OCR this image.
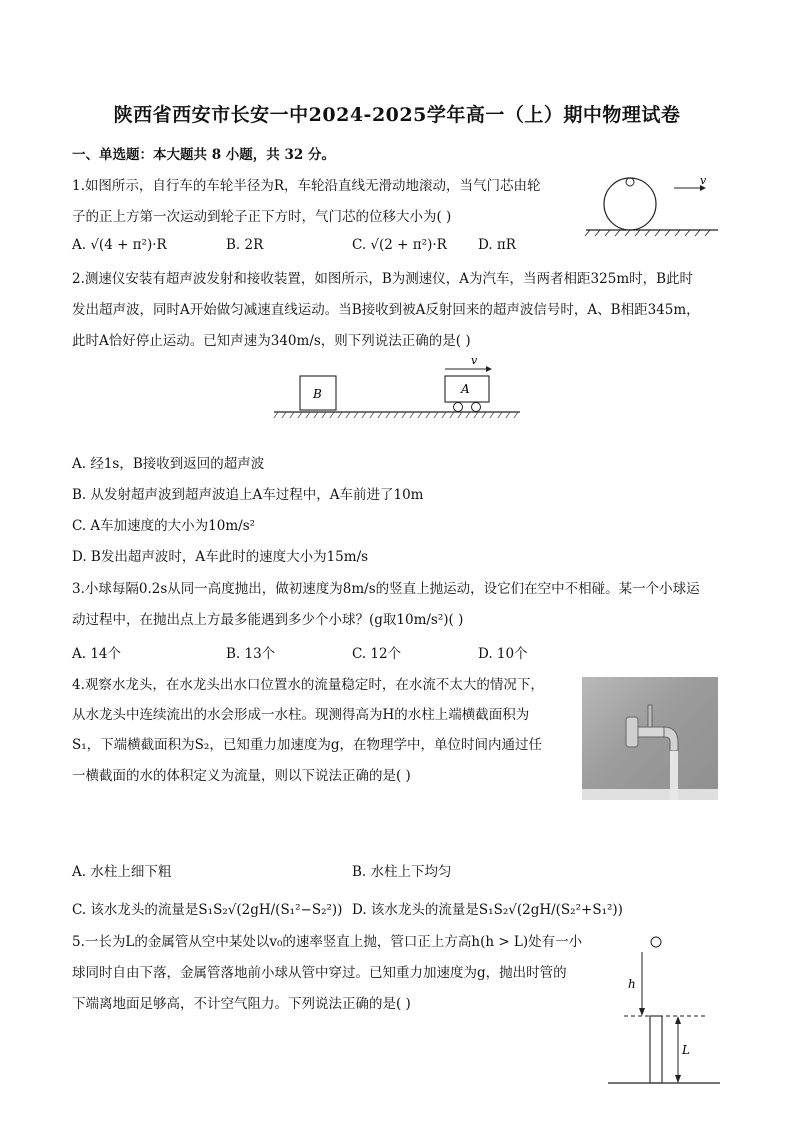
陕西省西安市长安一中2024-2025学年高一（上）期中物理试卷
一、单选题：本大题共 8 小题，共 32 分。
1.如图所示，自行车的车轮半径为R，车轮沿直线无滑动地滚动，当气门芯由轮
子的正上方第一次运动到轮子正下方时，气门芯的位移大小为( )
A. √(4 + π²)·R	B. 2R	C. √(2 + π²)·R D. πR
v
2.测速仪安装有超声波发射和接收装置，如图所示，B为测速仪，A为汽车，当两者相距325m时，B此时
发出超声波，同时A开始做匀减速直线运动。当B接收到被A反射回来的超声波信号时，A、B相距345m，
此时A恰好停止运动。已知声速为340m/s，则下列说法正确的是( )
B	A
v
A. 经1s，B接收到返回的超声波
B. 从发射超声波到超声波追上A车过程中，A车前进了10m
C. A车加速度的大小为10m/s²
D. B发出超声波时，A车此时的速度大小为15m/s
3.小球每隔0.2s从同一高度抛出，做初速度为8m/s的竖直上抛运动，设它们在空中不相碰。某一个小球运
动过程中，在抛出点上方最多能遇到多少个小球？(g取10m/s²)( )
A. 14个	B. 13个	C. 12个	D. 10个
4.观察水龙头，在水龙头出水口位置水的流量稳定时，在水流不太大的情况下，
从水龙头中连续流出的水会形成一水柱。现测得高为H的水柱上端横截面积为
S₁，下端横截面积为S₂，已知重力加速度为g，在物理学中，单位时间内通过任
一横截面的水的体积定义为流量，则以下说法正确的是( )
A. 水柱上细下粗	B. 水柱上下均匀
C. 该水龙头的流量是S₁S₂√(2gH/(S₁²−S₂²)) D. 该水龙头的流量是S₁S₂√(2gH/(S₂²+S₁²))
5.一长为L的金属管从空中某处以v₀的速率竖直上抛，管口正上方高h(h > L)处有一小
球同时自由下落，金属管落地前小球从管中穿过。已知重力加速度为g，抛出时管的
下端离地面足够高，不计空气阻力。下列说法正确的是( )
h
L
